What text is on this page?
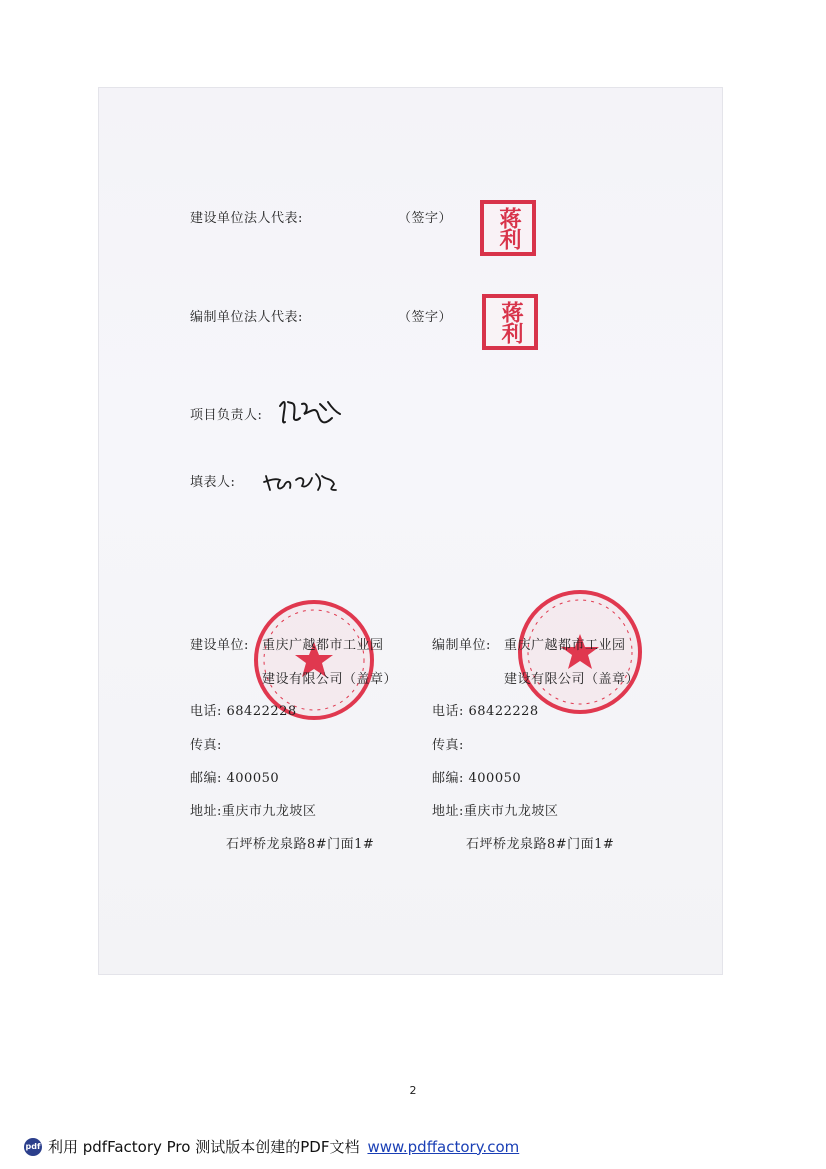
建设单位法人代表:	（签字） 蒋利
编制单位法人代表:	（签字） 蒋利
项目负责人:
填表人:
建设单位: 重庆广越都市工业园
建设有限公司（盖章）
电话: 68422228
传真:
邮编: 400050
地址:重庆市九龙坡区
石坪桥龙泉路8#门面1#
编制单位: 重庆广越都市工业园
建设有限公司（盖章）
电话: 68422228
传真:
邮编: 400050
地址:重庆市九龙坡区
石坪桥龙泉路8#门面1#
2
pdf 利用 pdfFactory Pro 测试版本创建的PDF文档 www.pdffactory.com
